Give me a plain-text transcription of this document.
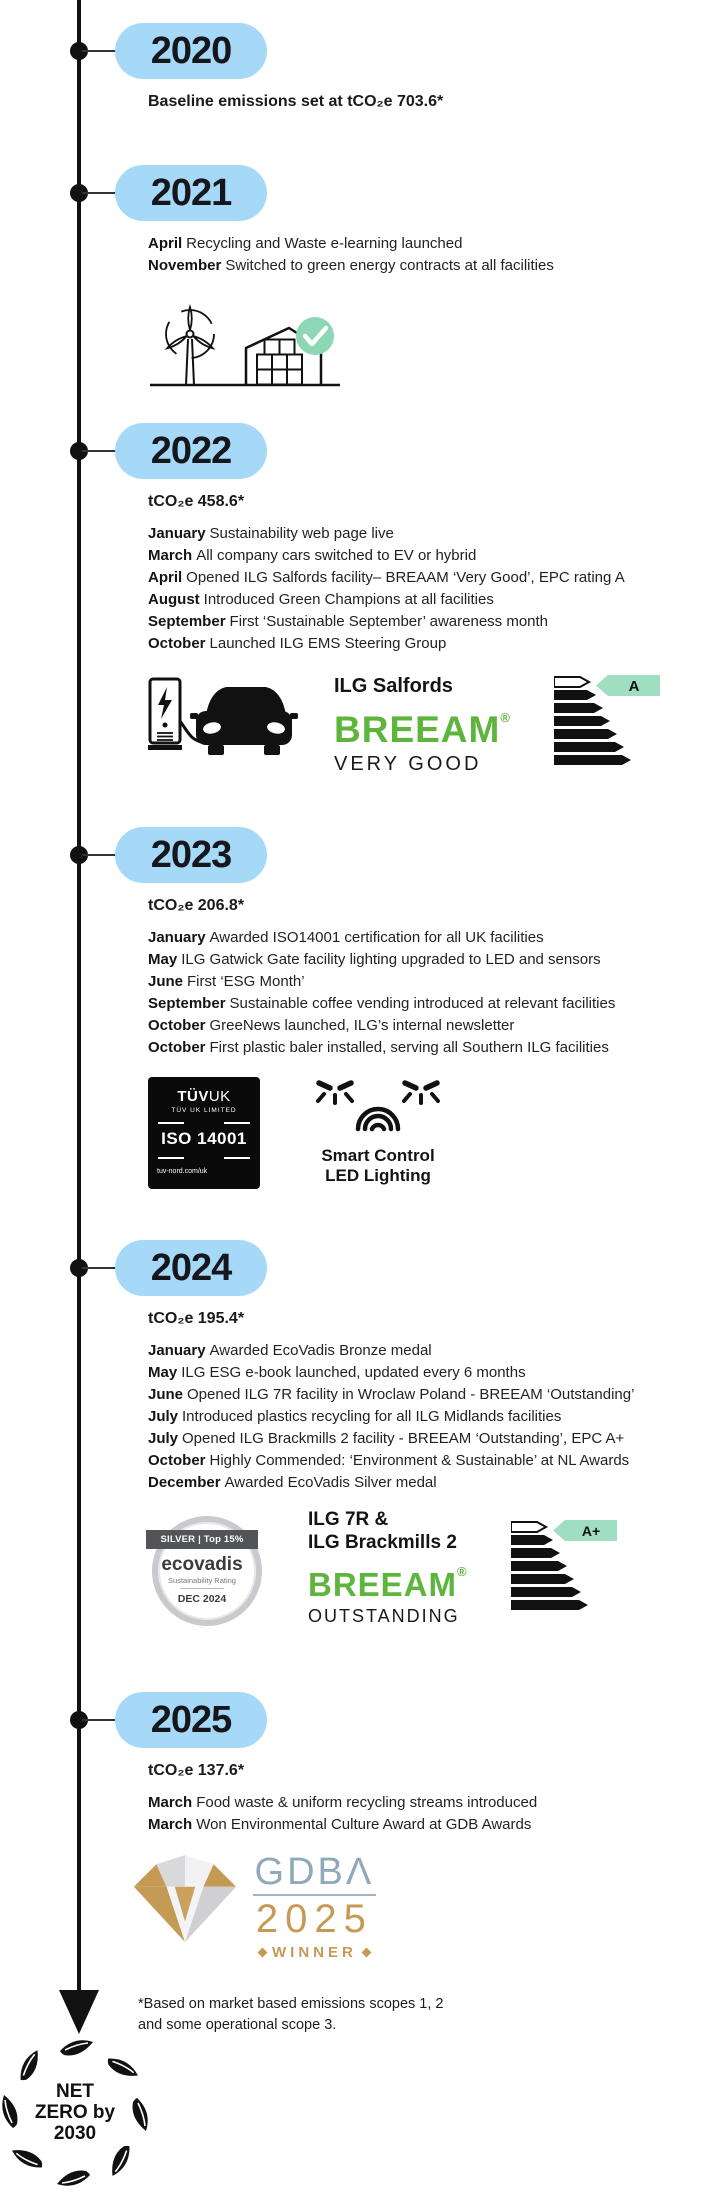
2020
Baseline emissions set at tCO₂e 703.6*
2021
April Recycling and Waste e-learning launched
November Switched to green energy contracts at all facilities
2022
tCO₂e 458.6*
January Sustainability web page live
March All company cars switched to EV or hybrid
April Opened ILG Salfords facility– BREAAM ‘Very Good’, EPC rating A
August Introduced Green Champions at all facilities
September First ‘Sustainable September’ awareness month
October Launched ILG EMS Steering Group
ILG Salfords
BREEAM®
VERY GOOD
A
2023
tCO₂e 206.8*
January Awarded ISO14001 certification for all UK facilities
May ILG Gatwick Gate facility lighting upgraded to LED and sensors
June First ‘ESG Month’
September Sustainable coffee vending introduced at relevant facilities
October GreeNews launched, ILG’s internal newsletter
October First plastic baler installed, serving all Southern ILG facilities
TÜVUK
TÜV UK LIMITED
ISO 14001
tuv-nord.com/uk
Smart Control
LED Lighting
2024
tCO₂e 195.4*
January Awarded EcoVadis Bronze medal
May ILG ESG e-book launched, updated every 6 months
June Opened ILG 7R facility in Wroclaw Poland - BREEAM ‘Outstanding’
July Introduced plastics recycling for all ILG Midlands facilities
July Opened ILG Brackmills 2 facility - BREEAM ‘Outstanding’, EPC A+
October Highly Commended: ‘Environment & Sustainable’ at NL Awards
December Awarded EcoVadis Silver medal
SILVER | Top 15%
ecovadis
Sustainability Rating
DEC 2024
ILG 7R &
ILG Brackmills 2
BREEAM®
OUTSTANDING
A+
2025
tCO₂e 137.6*
March Food waste & uniform recycling streams introduced
March Won Environmental Culture Award at GDB Awards
GDBΛ
2025
WINNER
*Based on market based emissions scopes 1, 2
and some operational scope 3.
NET
ZERO by
2030
